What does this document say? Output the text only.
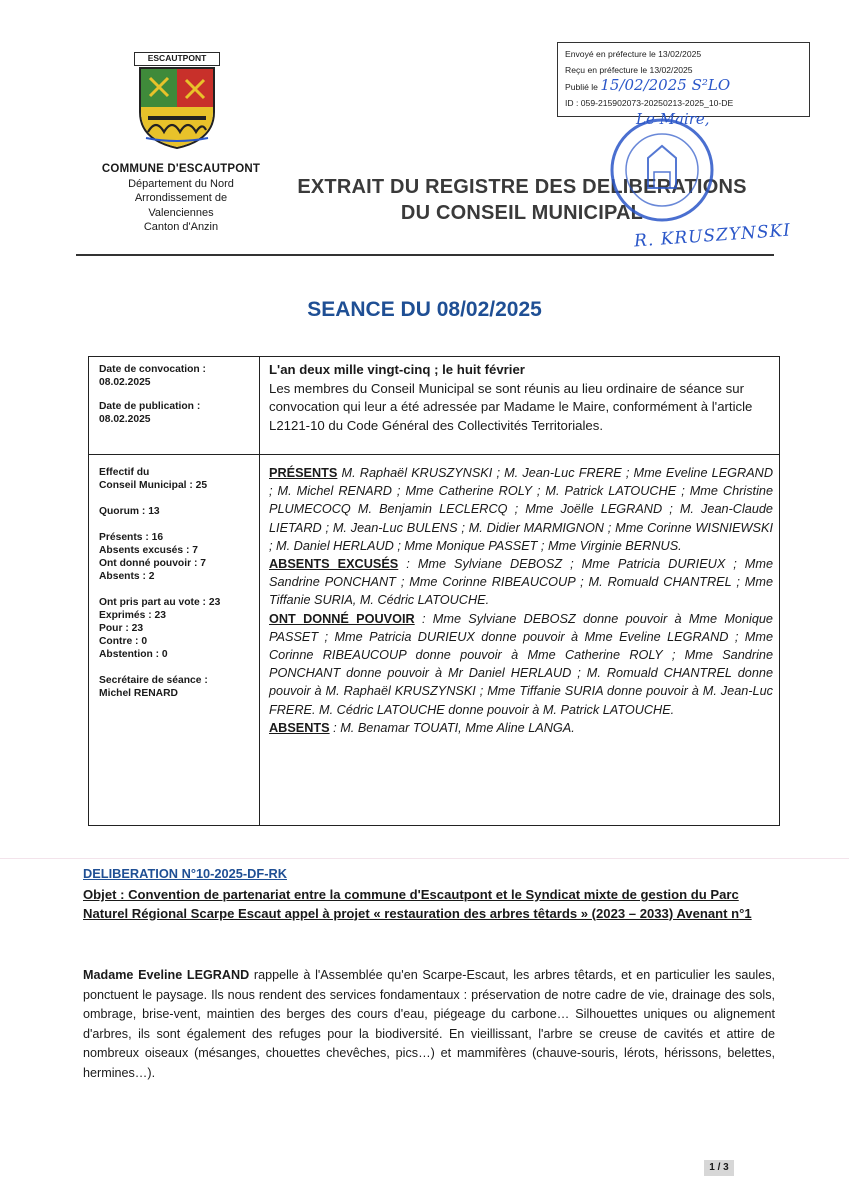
ESCAUTPONT
COMMUNE D'ESCAUTPONT
Département du Nord
Arrondissement de
Valenciennes
Canton d'Anzin
Envoyé en préfecture le 13/02/2025
Reçu en préfecture le 13/02/2025
Publié le 15/02/2025 S²LO
ID : 059-215902073-20250213-2025_10-DE
EXTRAIT DU REGISTRE DES DELIBERATIONS
DU CONSEIL MUNICIPAL
Le Maire,
R. KRUSZYNSKI
SEANCE DU 08/02/2025

Date de convocation :
08.02.2025

Date de publication :
08.02.2025

L'an deux mille vingt-cinq ; le huit février
Les membres du Conseil Municipal se sont réunis au lieu ordinaire de séance sur convocation qui leur a été adressée par Madame le Maire, conformément à l'article L2121-10 du Code Général des Collectivités Territoriales.
Effectif du
Conseil Municipal : 25
Quorum : 13
Présents : 16
Absents excusés : 7
Ont donné pouvoir : 7
Absents : 2
Ont pris part au vote : 23
Exprimés : 23
Pour : 23
Contre : 0
Abstention : 0
Secrétaire de séance :
Michel RENARD

PRÉSENTS M. Raphaël KRUSZYNSKI ; M. Jean-Luc FRERE ; Mme Eveline LEGRAND ; M. Michel RENARD ; Mme Catherine ROLY ; M. Patrick LATOUCHE ; Mme Christine PLUMECOCQ M. Benjamin LECLERCQ ; Mme Joëlle LEGRAND ; M. Jean-Claude LIETARD ; M. Jean-Luc BULENS ; M. Didier MARMIGNON ; Mme Corinne WISNIEWSKI ; M. Daniel HERLAUD ; Mme Monique PASSET ; Mme Virginie BERNUS.

ABSENTS EXCUSÉS : Mme Sylviane DEBOSZ ; Mme Patricia DURIEUX ; Mme Sandrine PONCHANT ; Mme Corinne RIBEAUCOUP ; M. Romuald CHANTREL ; Mme Tiffanie SURIA, M. Cédric LATOUCHE.

ONT DONNÉ POUVOIR : Mme Sylviane DEBOSZ donne pouvoir à Mme Monique PASSET ; Mme Patricia DURIEUX donne pouvoir à Mme Eveline LEGRAND ; Mme Corinne RIBEAUCOUP donne pouvoir à Mme Catherine ROLY ; Mme Sandrine PONCHANT donne pouvoir à Mr Daniel HERLAUD ; M. Romuald CHANTREL donne pouvoir à M. Raphaël KRUSZYNSKI ; Mme Tiffanie SURIA donne pouvoir à M. Jean-Luc FRERE. M. Cédric LATOUCHE donne pouvoir à M. Patrick LATOUCHE.

ABSENTS : M. Benamar TOUATI, Mme Aline LANGA.

DELIBERATION N°10-2025-DF-RK
Objet : Convention de partenariat entre la commune d'Escautpont et le Syndicat mixte de gestion du Parc Naturel Régional Scarpe Escaut appel à projet « restauration des arbres têtards » (2023 – 2033) Avenant n°1
Madame Eveline LEGRAND rappelle à l'Assemblée qu'en Scarpe-Escaut, les arbres têtards, et en particulier les saules, ponctuent le paysage. Ils nous rendent des services fondamentaux : préservation de notre cadre de vie, drainage des sols, ombrage, brise-vent, maintien des berges des cours d'eau, piégeage du carbone… Silhouettes uniques ou alignement d'arbres, ils sont également des refuges pour la biodiversité. En vieillissant, l'arbre se creuse de cavités et attire de nombreux oiseaux (mésanges, chouettes chevêches, pics…) et mammifères (chauve-souris, lérots, hérissons, belettes, hermines…).
1 / 3
